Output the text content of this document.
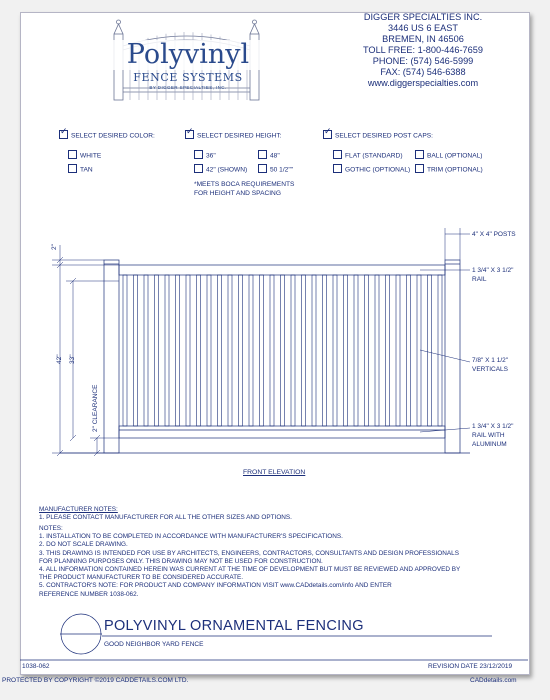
Polyvinyl
FENCE SYSTEMS
BY DIGGER SPECIALTIES, INC.
DIGGER SPECIALTIES INC.
3446 US 6 EAST
BREMEN, IN 46506
TOLL FREE: 1-800-446-7659
PHONE: (574) 546-5999
FAX: (574) 546-6388
www.diggerspecialties.com
✓SELECT DESIRED COLOR:
WHITE
TAN
✓SELECT DESIRED HEIGHT:
36"	48"
42" (SHOWN)	50 1/2""
*MEETS BOCA REQUIREMENTS
FOR HEIGHT AND SPACING
✓SELECT DESIRED POST CAPS:
FLAT (STANDARD)	BALL (OPTIONAL)
GOTHIC (OPTIONAL)	TRIM (OPTIONAL)
2"
42" 33"
2" CLEARANCE
4" X 4" POSTS
1 3/4" X 3 1/2"
RAIL
7/8" X 1 1/2"
VERTICALS
1 3/4" X 3 1/2"
RAIL WITH
ALUMINUM
FRONT ELEVATION
MANUFACTURER NOTES:
1. PLEASE CONTACT MANUFACTURER FOR ALL THE OTHER SIZES AND OPTIONS.
NOTES:
1. INSTALLATION TO BE COMPLETED IN ACCORDANCE WITH MANUFACTURER'S SPECIFICATIONS.
2. DO NOT SCALE DRAWING.
3. THIS DRAWING IS INTENDED FOR USE BY ARCHITECTS, ENGINEERS, CONTRACTORS, CONSULTANTS AND DESIGN PROFESSIONALS
FOR PLANNING PURPOSES ONLY. THIS DRAWING MAY NOT BE USED FOR CONSTRUCTION.
4. ALL INFORMATION CONTAINED HEREIN WAS CURRENT AT THE TIME OF DEVELOPMENT BUT MUST BE REVIEWED AND APPROVED BY
THE PRODUCT MANUFACTURER TO BE CONSIDERED ACCURATE.
5. CONTRACTOR'S NOTE: FOR PRODUCT AND COMPANY INFORMATION VISIT www.CADdetails.com/info AND ENTER
REFERENCE NUMBER 1038-062.
POLYVINYL ORNAMENTAL FENCING
GOOD NEIGHBOR YARD FENCE
1038-062	REVISION DATE 23/12/2019
PROTECTED BY COPYRIGHT ©2019 CADDETAILS.COM LTD.	CADdetails.com
